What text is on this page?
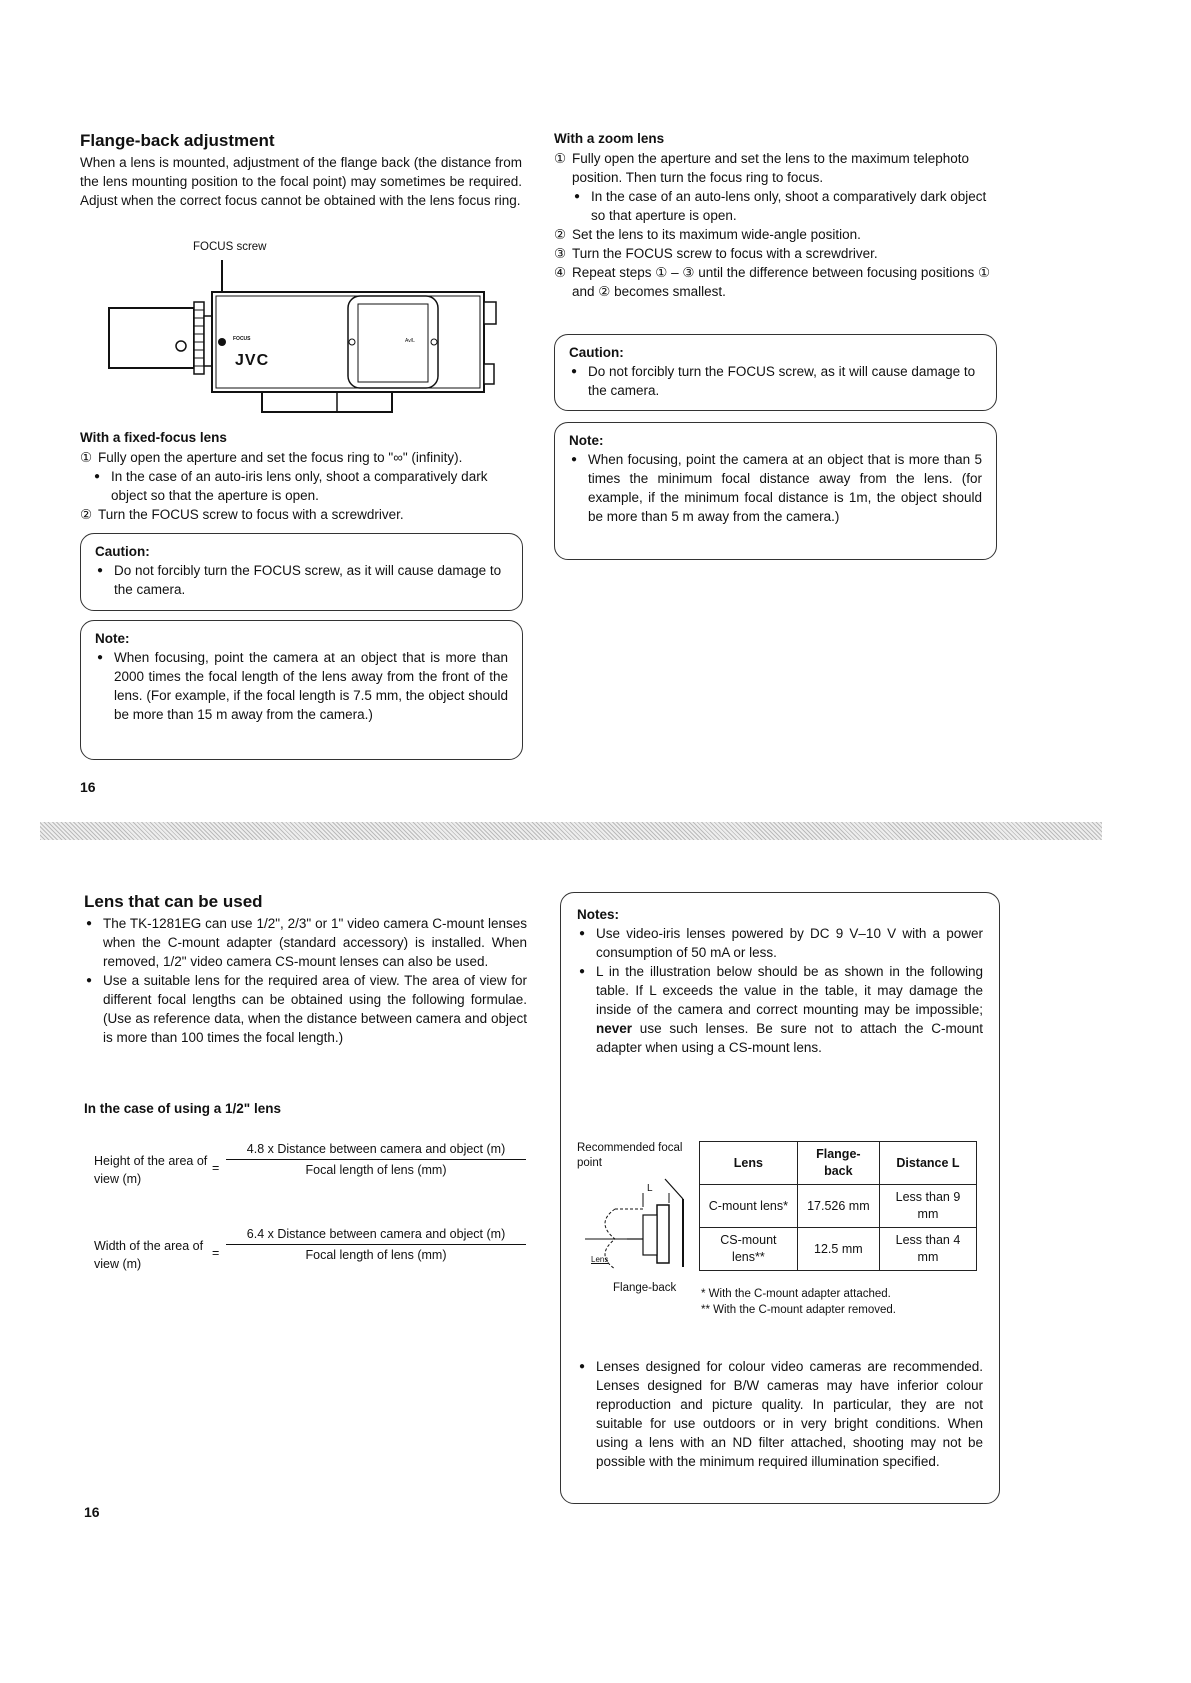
Flange-back adjustment

When a lens is mounted, adjustment of the flange back (the distance from the lens mounting position to the focal point) may sometimes be required. Adjust when the correct focus cannot be obtained with the lens focus ring.

FOCUS screw
FOCUS
JVC
Av/L
With a fixed-focus lens
① Fully open the aperture and set the focus ring to "∞" (infinity).
● In the case of an auto-iris lens only, shoot a comparatively dark object so that the aperture is open.
② Turn the FOCUS screw to focus with a screwdriver.

Caution:

● Do not forcibly turn the FOCUS screw, as it will cause damage to the camera.

Note:

● When focusing, point the camera at an object that is more than 2000 times the focal length of the lens away from the front of the lens. (For example, if the focal length is 7.5 mm, the object should be more than 15 m away from the camera.)
16
With a zoom lens
① Fully open the aperture and set the lens to the maximum telephoto position. Then turn the focus ring to focus.
● In the case of an auto-lens only, shoot a comparatively dark object so that aperture is open.
② Set the lens to its maximum wide-angle position.
③ Turn the FOCUS screw to focus with a screwdriver.
④ Repeat steps ① – ③ until the difference between focusing positions ① and ② becomes smallest.

Caution:

● Do not forcibly turn the FOCUS screw, as it will cause damage to the camera.

Note:

● When focusing, point the camera at an object that is more than 5 times the minimum focal distance away from the lens. (for example, if the minimum focal distance is 1m, the object should be more than 5 m away from the camera.)
Lens that can be used
● The TK-1281EG can use 1/2", 2/3" or 1" video camera C-mount lenses when the C-mount adapter (standard accessory) is installed. When removed, 1/2" video camera CS-mount lenses can also be used.
● Use a suitable lens for the required area of view. The area of view for different focal lengths can be obtained using the following formulae. (Use as reference data, when the distance between camera and object is more than 100 times the focal length.)
In the case of using a 1/2" lens
Height of the area of view (m)
=
4.8 x Distance between camera and object (m)
Focal length of lens (mm)
Width of the area of view (m)
=
6.4 x Distance between camera and object (m)
Focal length of lens (mm)
16

Notes:

● Use video-iris lenses powered by DC 9 V–10 V with a power consumption of 50 mA or less.
● L in the illustration below should be as shown in the following table. If L exceeds the value in the table, it may damage the inside of the camera and correct mounting may be impossible; never use such lenses. Be sure not to attach the C-mount adapter when using a CS-mount lens.
Recommended focal point
L
Lens
Flange-back
Lens	Flange-back	Distance L
C-mount lens*	17.526 mm	Less than 9 mm
CS-mount lens**	12.5 mm	Less than 4 mm
* With the C-mount adapter attached.
** With the C-mount adapter removed.
● Lenses designed for colour video cameras are recommended. Lenses designed for B/W cameras may have inferior colour reproduction and picture quality. In particular, they are not suitable for use outdoors or in very bright conditions. When using a lens with an ND filter attached, shooting may not be possible with the minimum required illumination specified.
